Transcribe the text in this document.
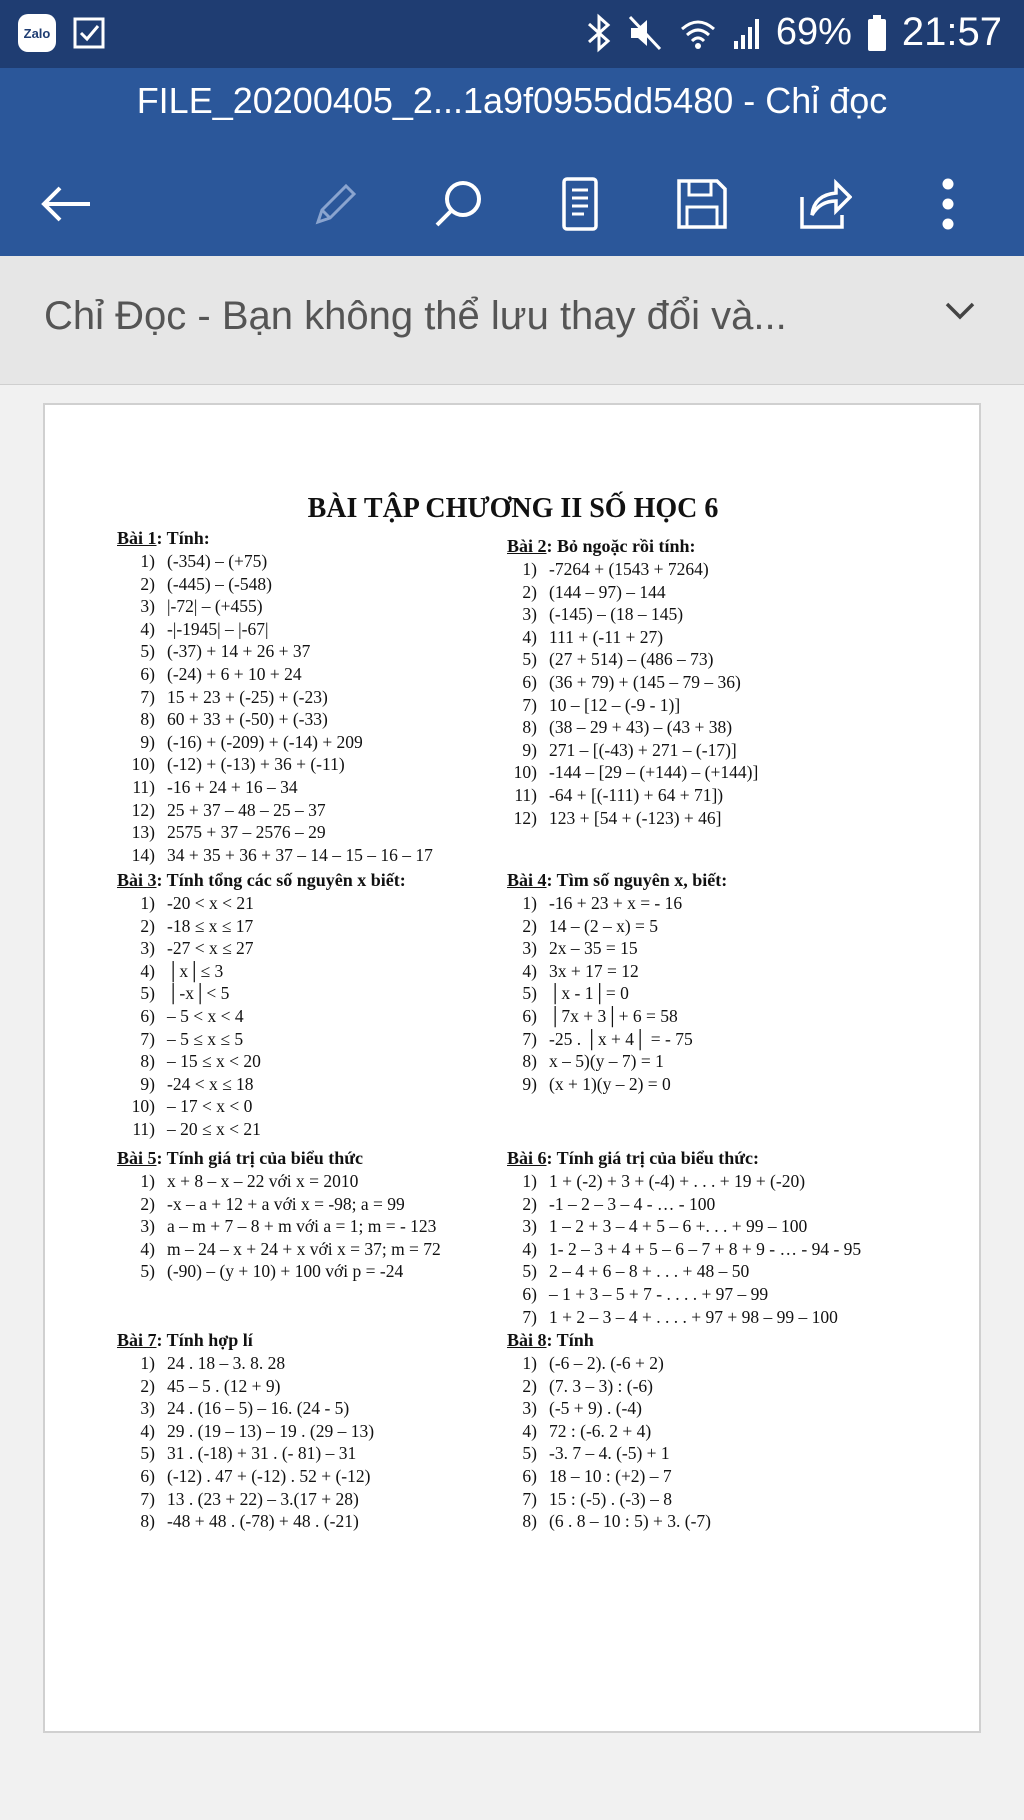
Zalo	69% 21:57
FILE_20200405_2...1a9f0955dd5480 - Chỉ đọc
Chỉ Đọc - Bạn không thể lưu thay đổi và...
BÀI TẬP CHƯƠNG II SỐ HỌC 6
Bài 1: Tính:
1) (-354) – (+75)
2) (-445) – (-548)
3) |-72| – (+455)
4) -|-1945| – |-67|
5) (-37) + 14 + 26 + 37
6) (-24) + 6 + 10 + 24
7) 15 + 23 + (-25) + (-23)
8) 60 + 33 + (-50) + (-33)
9) (-16) + (-209) + (-14) + 209
10) (-12) + (-13) + 36 + (-11)
11) -16 + 24 + 16 – 34
12) 25 + 37 – 48 – 25 – 37
13) 2575 + 37 – 2576 – 29
14) 34 + 35 + 36 + 37 – 14 – 15 – 16 – 17
Bài 2: Bỏ ngoặc rồi tính:
1) -7264 + (1543 + 7264)
2) (144 – 97) – 144
3) (-145) – (18 – 145)
4) 111 + (-11 + 27)
5) (27 + 514) – (486 – 73)
6) (36 + 79) + (145 – 79 – 36)
7) 10 – [12 – (-9 - 1)]
8) (38 – 29 + 43) – (43 + 38)
9) 271 – [(-43) + 271 – (-17)]
10) -144 – [29 – (+144) – (+144)]
11) -64 + [(-111) + 64 + 71])
12) 123 + [54 + (-123) + 46]
Bài 3: Tính tổng các số nguyên x biết:
1) -20 < x < 21
2) -18 ≤ x ≤ 17
3) -27 < x ≤ 27
4) │x│≤ 3
5) │-x│< 5
6) – 5 < x < 4
7) – 5 ≤ x ≤ 5
8) – 15 ≤ x < 20
9) -24 < x ≤ 18
10) – 17 < x < 0
11) – 20 ≤ x < 21
Bài 4: Tìm số nguyên x, biết:
1) -16 + 23 + x = - 16
2) 14 – (2 – x) = 5
3) 2x – 35 = 15
4) 3x + 17 = 12
5) │x - 1│= 0
6) │7x + 3│+ 6 = 58
7) -25 . │x + 4│ = - 75
8) x – 5)(y – 7) = 1
9) (x + 1)(y – 2) = 0
Bài 5: Tính giá trị của biểu thức
1) x + 8 – x – 22 với x = 2010
2) -x – a + 12 + a với x = -98; a = 99
3) a – m + 7 – 8 + m với a = 1; m = - 123
4) m – 24 – x + 24 + x với x = 37; m = 72
5) (-90) – (y + 10) + 100 với p = -24
Bài 6: Tính giá trị của biểu thức:
1) 1 + (-2) + 3 + (-4) + . . . + 19 + (-20)
2) -1 – 2 – 3 – 4 - … - 100
3) 1 – 2 + 3 – 4 + 5 – 6 +. . . + 99 – 100
4) 1- 2 – 3 + 4 + 5 – 6 – 7 + 8 + 9 - … - 94 - 95
5) 2 – 4 + 6 – 8 + . . . + 48 – 50
6) – 1 + 3 – 5 + 7 - . . . . + 97 – 99
7) 1 + 2 – 3 – 4 + . . . . + 97 + 98 – 99 – 100
Bài 7: Tính hợp lí
1) 24 . 18 – 3. 8. 28
2) 45 – 5 . (12 + 9)
3) 24 . (16 – 5) – 16. (24 - 5)
4) 29 . (19 – 13) – 19 . (29 – 13)
5) 31 . (-18) + 31 . (- 81) – 31
6) (-12) . 47 + (-12) . 52 + (-12)
7) 13 . (23 + 22) – 3.(17 + 28)
8) -48 + 48 . (-78) + 48 . (-21)
Bài 8: Tính
1) (-6 – 2). (-6 + 2)
2) (7. 3 – 3) : (-6)
3) (-5 + 9) . (-4)
4) 72 : (-6. 2 + 4)
5) -3. 7 – 4. (-5) + 1
6) 18 – 10 : (+2) – 7
7) 15 : (-5) . (-3) – 8
8) (6 . 8 – 10 : 5) + 3. (-7)
